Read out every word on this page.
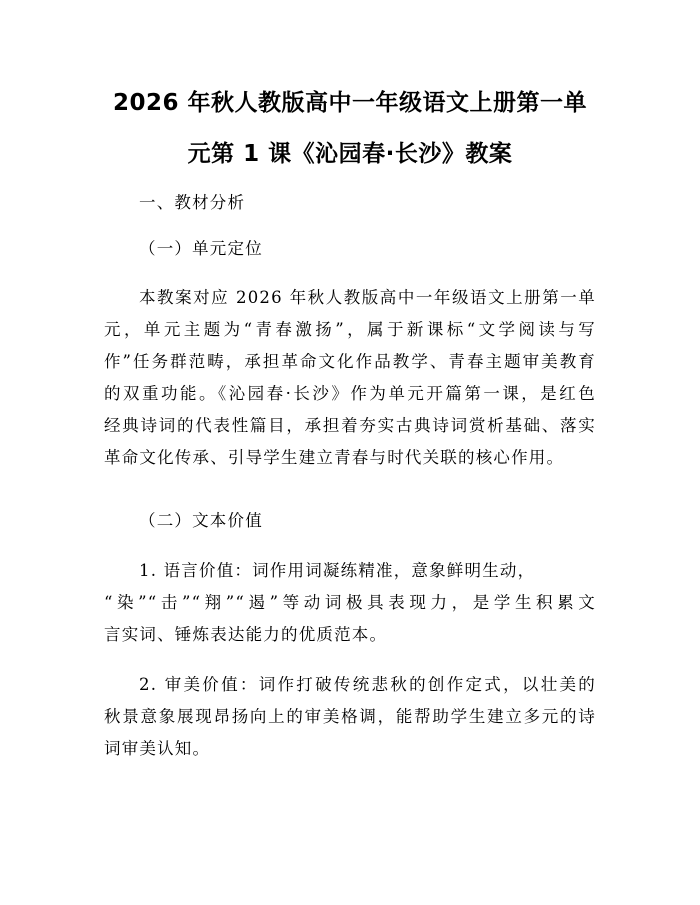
2026 年秋人教版高中一年级语文上册第一单
元第 1 课《沁园春·长沙》教案
一、教材分析
（一）单元定位
本教案对应 2026 年秋人教版高中一年级语文上册第一单
元，单元主题为“青春激扬”，属于新课标“文学阅读与写
作”任务群范畴，承担革命文化作品教学、青春主题审美教育
的双重功能。《沁园春·长沙》作为单元开篇第一课，是红色
经典诗词的代表性篇目，承担着夯实古典诗词赏析基础、落实
革命文化传承、引导学生建立青春与时代关联的核心作用。
（二）文本价值
1. 语言价值：词作用词凝练精准，意象鲜明生动，
“染”“击”“翔”“遏”等动词极具表现力，是学生积累文
言实词、锤炼表达能力的优质范本。
2. 审美价值：词作打破传统悲秋的创作定式，以壮美的
秋景意象展现昂扬向上的审美格调，能帮助学生建立多元的诗
词审美认知。
